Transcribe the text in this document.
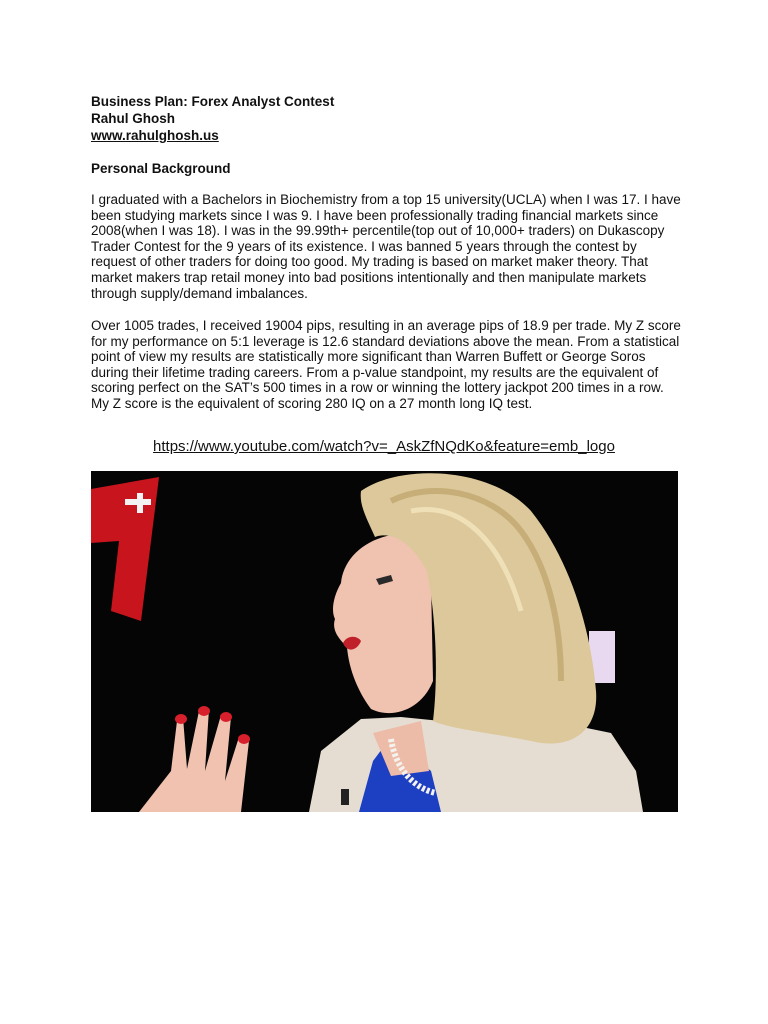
Business Plan: Forex Analyst Contest
Rahul Ghosh
www.rahulghosh.us
Personal Background

I graduated with a Bachelors in Biochemistry from a top 15 university(UCLA) when I was 17. I have been studying markets since I was 9. I have been professionally trading financial markets since 2008(when I was 18). I was in the 99.99th+ percentile(top out of 10,000+ traders) on Dukascopy Trader Contest for the 9 years of its existence. I was banned 5 years through the contest by request of other traders for doing too good. My trading is based on market maker theory. That market makers trap retail money into bad positions intentionally and then manipulate markets through supply/demand imbalances.

Over 1005 trades, I received 19004 pips, resulting in an average pips of 18.9 per trade. My Z score for my performance on 5:1 leverage is 12.6 standard deviations above the mean. From a statistical point of view my results are statistically more significant than Warren Buffett or George Soros during their lifetime trading careers. From a p-value standpoint, my results are the equivalent of scoring perfect on the SAT’s 500 times in a row or winning the lottery jackpot 200 times in a row. My Z score is the equivalent of scoring 280 IQ on a 27 month long IQ test.

https://www.youtube.com/watch?v=_AskZfNQdKo&feature=emb_logo
